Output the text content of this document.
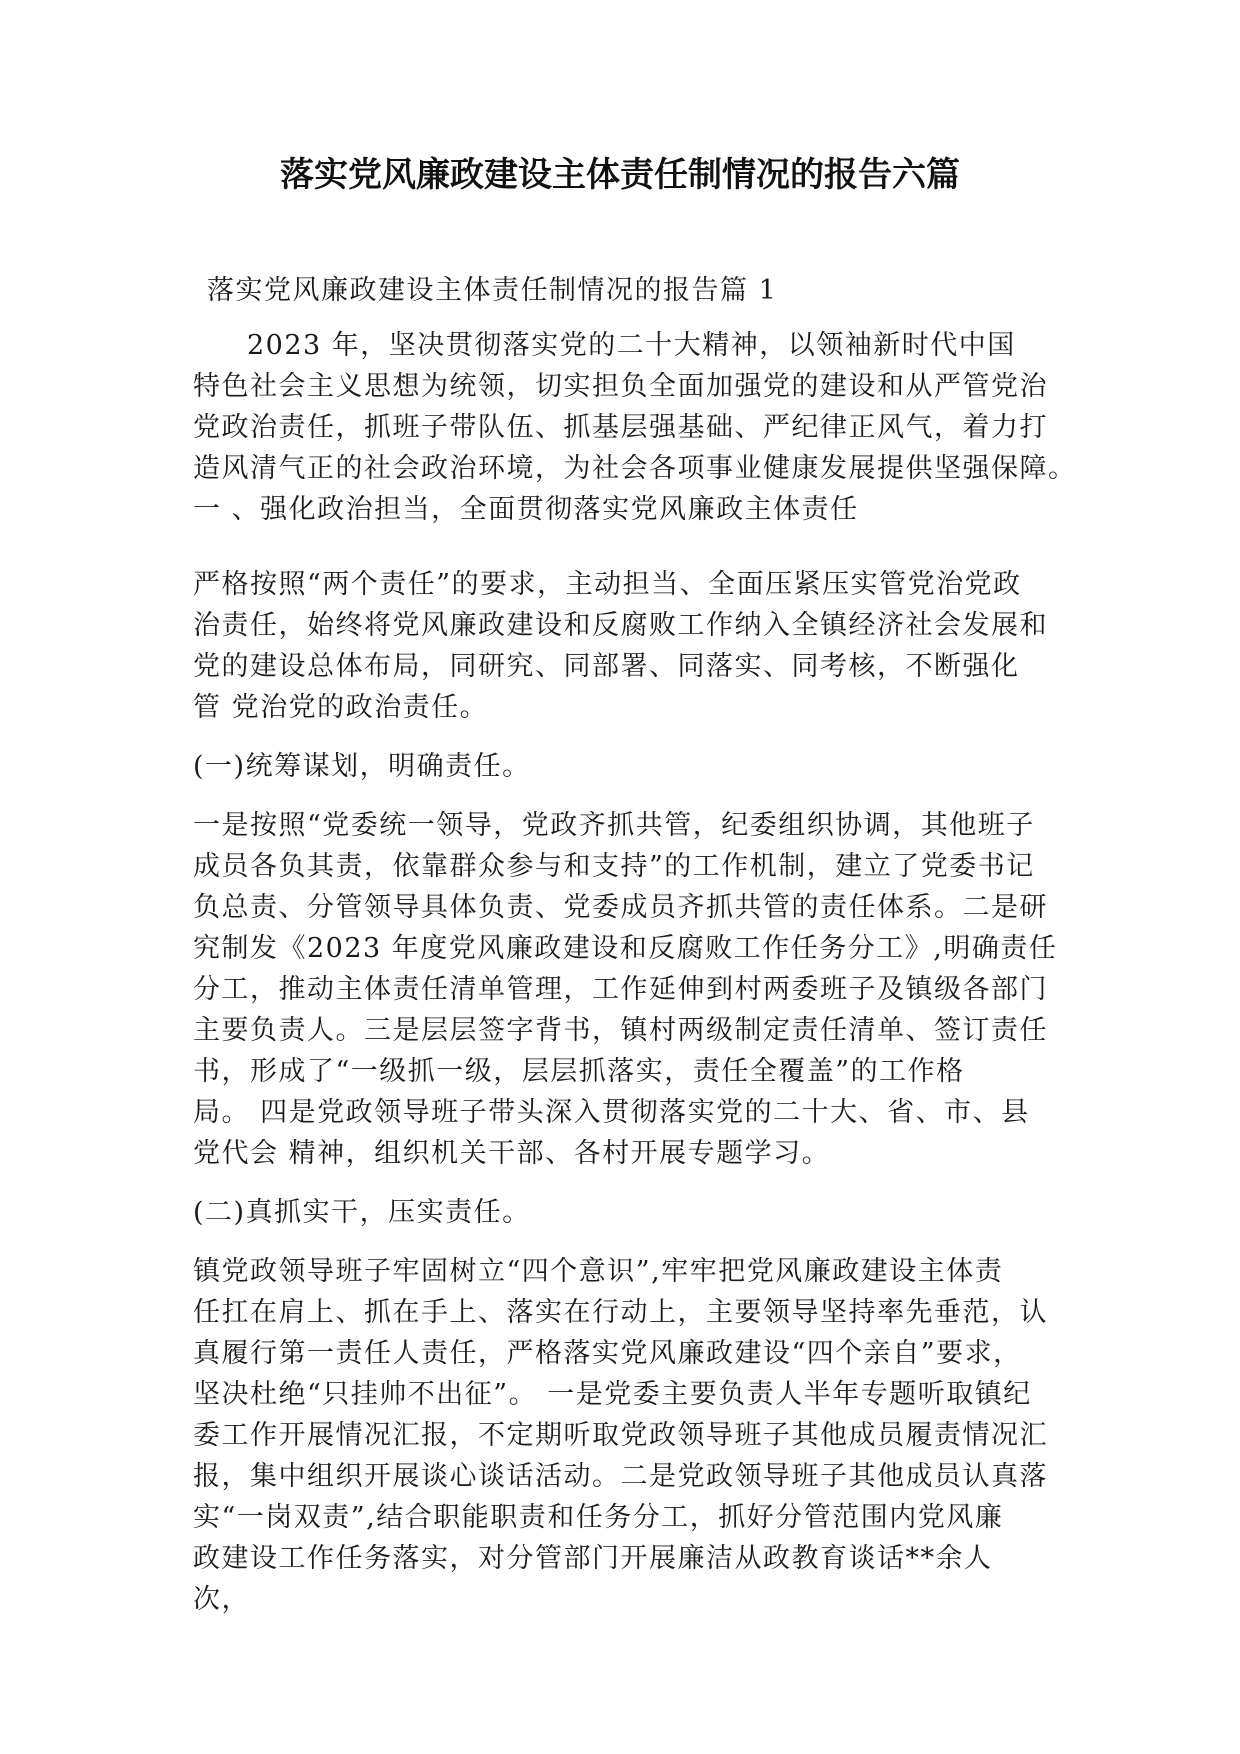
落实党风廉政建设主体责任制情况的报告六篇
落实党风廉政建设主体责任制情况的报告篇 1
2023 年，坚决贯彻落实党的二十大精神，以领袖新时代中国
特色社会主义思想为统领，切实担负全面加强党的建设和从严管党治
党政治责任，抓班子带队伍、抓基层强基础、严纪律正风气，着力打
造风清气正的社会政治环境，为社会各项事业健康发展提供坚强保障。
一 、强化政治担当，全面贯彻落实党风廉政主体责任
严格按照“两个责任”的要求，主动担当、全面压紧压实管党治党政
治责任，始终将党风廉政建设和反腐败工作纳入全镇经济社会发展和
党的建设总体布局，同研究、同部署、同落实、同考核，不断强化
管 党治党的政治责任。
(一)统筹谋划，明确责任。
一是按照“党委统一领导，党政齐抓共管，纪委组织协调，其他班子
成员各负其责，依靠群众参与和支持”的工作机制，建立了党委书记
负总责、分管领导具体负责、党委成员齐抓共管的责任体系。二是研
究制发《2023 年度党风廉政建设和反腐败工作任务分工》,明确责任
分工，推动主体责任清单管理，工作延伸到村两委班子及镇级各部门
主要负责人。三是层层签字背书，镇村两级制定责任清单、签订责任
书，形成了“一级抓一级，层层抓落实，责任全覆盖”的工作格
局。 四是党政领导班子带头深入贯彻落实党的二十大、省、市、县
党代会 精神，组织机关干部、各村开展专题学习。
(二)真抓实干，压实责任。
镇党政领导班子牢固树立“四个意识”,牢牢把党风廉政建设主体责
任扛在肩上、抓在手上、落实在行动上，主要领导坚持率先垂范，认
真履行第一责任人责任，严格落实党风廉政建设“四个亲自”要求，
坚决杜绝“只挂帅不出征”。 一是党委主要负责人半年专题听取镇纪
委工作开展情况汇报，不定期听取党政领导班子其他成员履责情况汇
报，集中组织开展谈心谈话活动。二是党政领导班子其他成员认真落
实“一岗双责”,结合职能职责和任务分工，抓好分管范围内党风廉
政建设工作任务落实，对分管部门开展廉洁从政教育谈话**余人
次，
